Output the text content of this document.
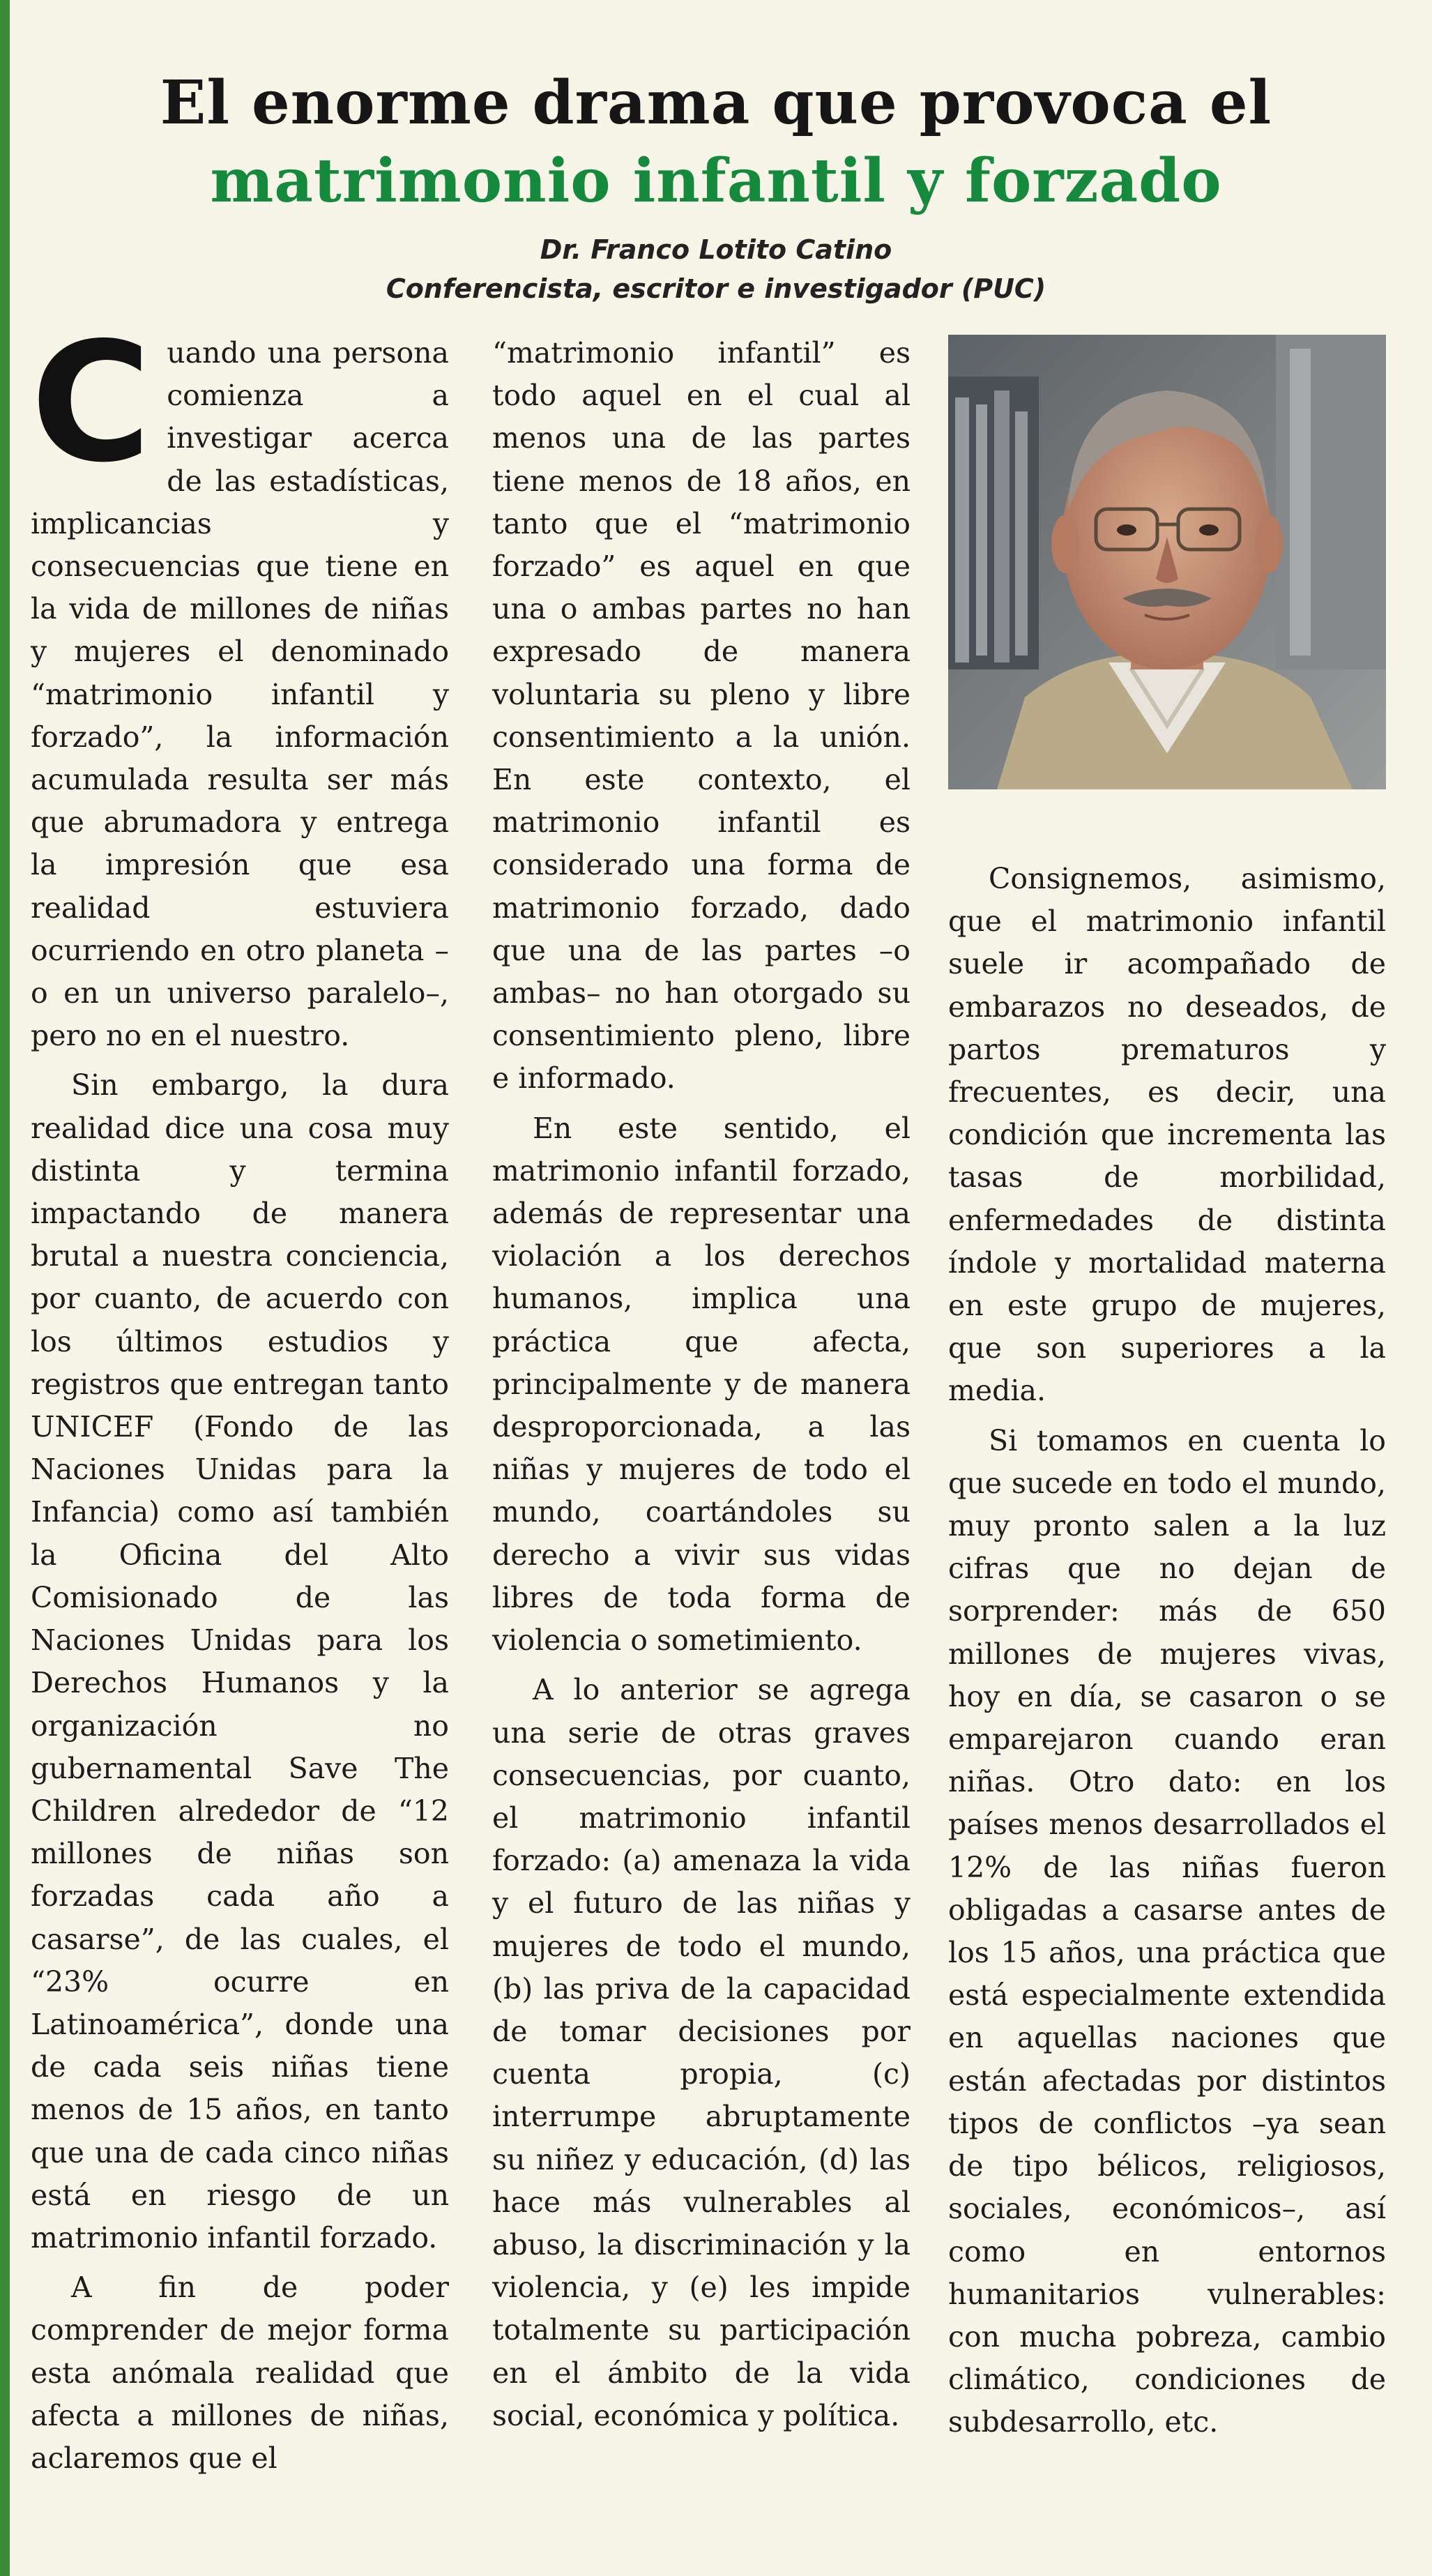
El enorme drama que provoca el
matrimonio infantil y forzado
Dr. Franco Lotito Catino
Conferencista, escritor e investigador (PUC)

Cuando una persona comienza a investigar acerca de las estadísticas, implicancias y consecuencias que tiene en la vida de millones de niñas y mujeres el denominado “matrimonio infantil y forzado”, la información acumulada resulta ser más que abrumadora y entrega la impresión que esa realidad estuviera ocurriendo en otro planeta –o en un universo paralelo–, pero no en el nuestro.

Sin embargo, la dura realidad dice una cosa muy distinta y termina impactando de manera brutal a nuestra conciencia, por cuanto, de acuerdo con los últimos estudios y registros que entregan tanto UNICEF (Fondo de las Naciones Unidas para la Infancia) como así también la Oficina del Alto Comisionado de las Naciones Unidas para los Derechos Humanos y la organización no gubernamental Save The Children alrededor de “12 millones de niñas son forzadas cada año a casarse”, de las cuales, el “23% ocurre en Latinoamérica”, donde una de cada seis niñas tiene menos de 15 años, en tanto que una de cada cinco niñas está en riesgo de un matrimonio infantil forzado.

A fin de poder comprender de mejor forma esta anómala realidad que afecta a millones de niñas, aclaremos que el

“matrimonio infantil” es todo aquel en el cual al menos una de las partes tiene menos de 18 años, en tanto que el “matrimonio forzado” es aquel en que una o ambas partes no han expresado de manera voluntaria su pleno y libre consentimiento a la unión. En este contexto, el matrimonio infantil es considerado una forma de matrimonio forzado, dado que una de las partes –o ambas– no han otorgado su consentimiento pleno, libre e informado.

En este sentido, el matrimonio infantil forzado, además de representar una violación a los derechos humanos, implica una práctica que afecta, principalmente y de manera desproporcionada, a las niñas y mujeres de todo el mundo, coartándoles su derecho a vivir sus vidas libres de toda forma de violencia o sometimiento.

A lo anterior se agrega una serie de otras graves consecuencias, por cuanto, el matrimonio infantil forzado: (a) amenaza la vida y el futuro de las niñas y mujeres de todo el mundo, (b) las priva de la capacidad de tomar decisiones por cuenta propia, (c) interrumpe abruptamente su niñez y educación, (d) las hace más vulnerables al abuso, la discriminación y la violencia, y (e) les impide totalmente su participación en el ámbito de la vida social, económica y política.

Consignemos, asimismo, que el matrimonio infantil suele ir acompañado de embarazos no deseados, de partos prematuros y frecuentes, es decir, una condición que incrementa las tasas de morbilidad, enfermedades de distinta índole y mortalidad materna en este grupo de mujeres, que son superiores a la media.

Si tomamos en cuenta lo que sucede en todo el mundo, muy pronto salen a la luz cifras que no dejan de sorprender: más de 650 millones de mujeres vivas, hoy en día, se casaron o se emparejaron cuando eran niñas. Otro dato: en los países menos desarrollados el 12% de las niñas fueron obligadas a casarse antes de los 15 años, una práctica que está especialmente extendida en aquellas naciones que están afectadas por distintos tipos de conflictos –ya sean de tipo bélicos, religiosos, sociales, económicos–, así como en entornos humanitarios vulnerables: con mucha pobreza, cambio climático, condiciones de subdesarrollo, etc.
